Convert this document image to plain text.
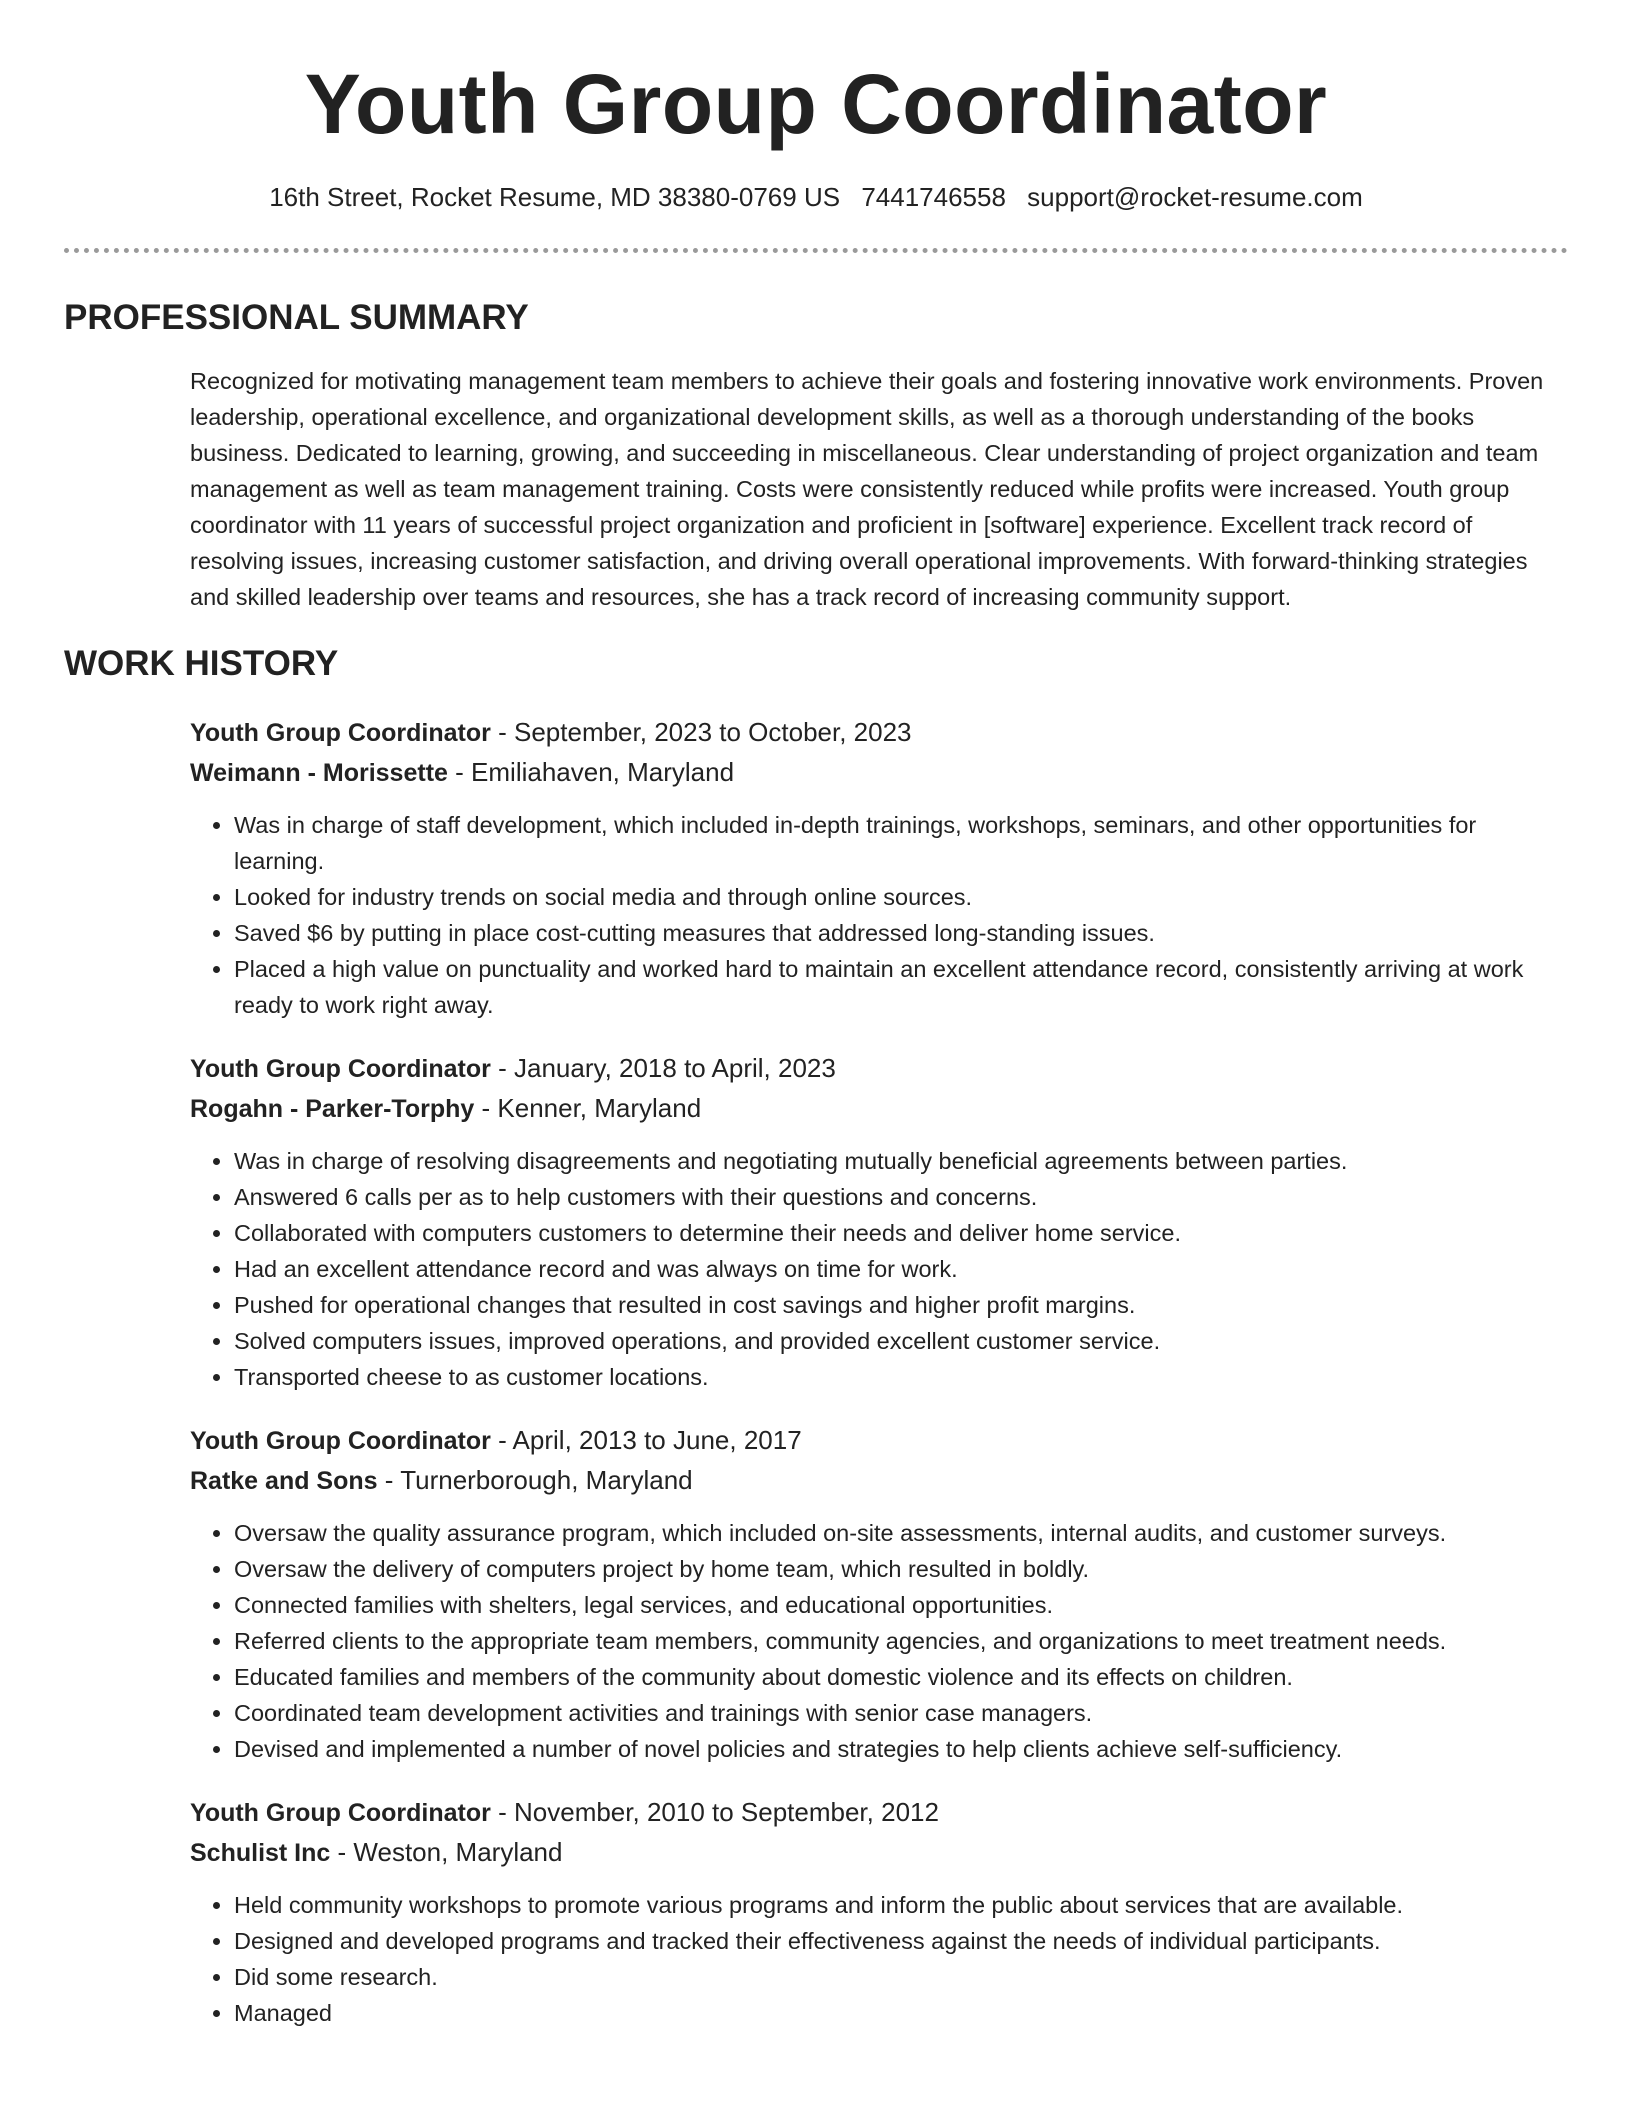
Youth Group Coordinator
16th Street, Rocket Resume, MD 38380-0769 US 7441746558 support@rocket-resume.com
PROFESSIONAL SUMMARY
Recognized for motivating management team members to achieve their goals and fostering innovative work environments. Proven leadership, operational excellence, and organizational development skills, as well as a thorough understanding of the books business. Dedicated to learning, growing, and succeeding in miscellaneous. Clear understanding of project organization and team management as well as team management training. Costs were consistently reduced while profits were increased. Youth group coordinator with 11 years of successful project organization and proficient in [software] experience. Excellent track record of resolving issues, increasing customer satisfaction, and driving overall operational improvements. With forward-thinking strategies and skilled leadership over teams and resources, she has a track record of increasing community support.
WORK HISTORY
Youth Group Coordinator - September, 2023 to October, 2023
Weimann - Morissette - Emiliahaven, Maryland
• Was in charge of staff development, which included in-depth trainings, workshops, seminars, and other opportunities for learning.
• Looked for industry trends on social media and through online sources.
• Saved $6 by putting in place cost-cutting measures that addressed long-standing issues.
• Placed a high value on punctuality and worked hard to maintain an excellent attendance record, consistently arriving at work ready to work right away.
Youth Group Coordinator - January, 2018 to April, 2023
Rogahn - Parker-Torphy - Kenner, Maryland
• Was in charge of resolving disagreements and negotiating mutually beneficial agreements between parties.
• Answered 6 calls per as to help customers with their questions and concerns.
• Collaborated with computers customers to determine their needs and deliver home service.
• Had an excellent attendance record and was always on time for work.
• Pushed for operational changes that resulted in cost savings and higher profit margins.
• Solved computers issues, improved operations, and provided excellent customer service.
• Transported cheese to as customer locations.
Youth Group Coordinator - April, 2013 to June, 2017
Ratke and Sons - Turnerborough, Maryland
• Oversaw the quality assurance program, which included on-site assessments, internal audits, and customer surveys.
• Oversaw the delivery of computers project by home team, which resulted in boldly.
• Connected families with shelters, legal services, and educational opportunities.
• Referred clients to the appropriate team members, community agencies, and organizations to meet treatment needs.
• Educated families and members of the community about domestic violence and its effects on children.
• Coordinated team development activities and trainings with senior case managers.
• Devised and implemented a number of novel policies and strategies to help clients achieve self-sufficiency.
Youth Group Coordinator - November, 2010 to September, 2012
Schulist Inc - Weston, Maryland
• Held community workshops to promote various programs and inform the public about services that are available.
• Designed and developed programs and tracked their effectiveness against the needs of individual participants.
• Did some research.
• Managed
